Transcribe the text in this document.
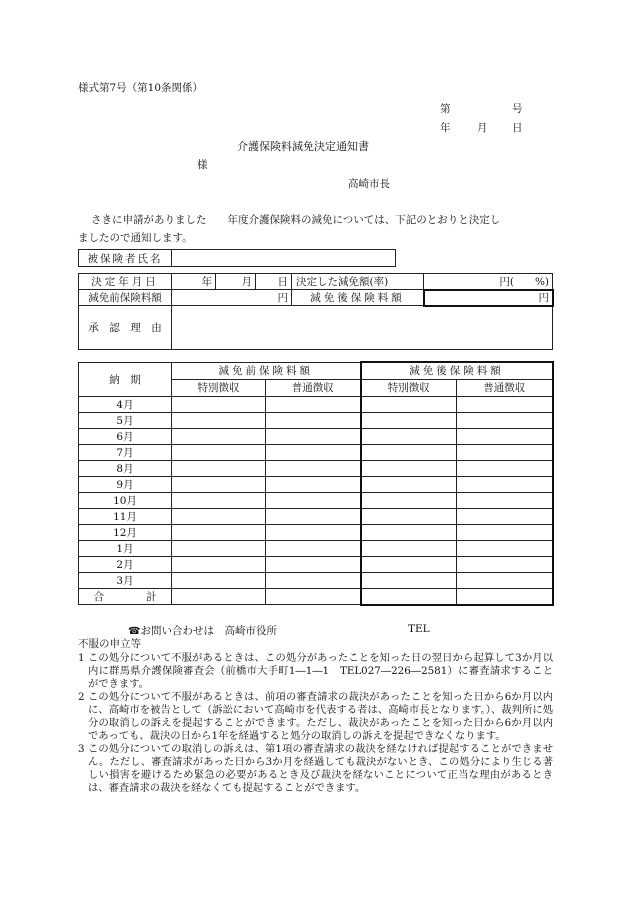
様式第7号（第10条関係）
第	号
年	月 日
介護保険料減免決定通知書
様
高崎市長
さきに申請がありました　　年度介護保険料の減免については、下記のとおりと決定し
ましたので通知します。
被保険者氏名	
決定年月日	年	月	日	決定した減免額(率)	円(　　%)
減免前保険料額	円			減免後保険料額	円
承　認　理　由					
納　期	減免前保険料額		減免後保険料額	
	特別徴収	普通徴収	特別徴収	普通徴収
4月				
5月				
6月				
7月				
8月				
9月				
10月				
11月				
12月				
1月				
2月				
3月				
合　　　　計				
☎お問い合わせは　高崎市役所	TEL
不服の申立等
1 この処分について不服があるときは、この処分があったことを知った日の翌日から起算して3か月以内に群馬県介護保険審査会（前橋市大手町1―1―1　TEL027―226―2581）に審査請求することができます。
2 この処分について不服があるときは、前項の審査請求の裁決があったことを知った日から6か月以内に、高崎市を被告として（訴訟において高崎市を代表する者は、高崎市長となります。）、裁判所に処分の取消しの訴えを提起することができます。ただし、裁決があったことを知った日から6か月以内であっても、裁決の日から1年を経過すると処分の取消しの訴えを提起できなくなります。
3 この処分についての取消しの訴えは、第1項の審査請求の裁決を経なければ提起することができません。ただし、審査請求があった日から3か月を経過しても裁決がないとき、この処分により生じる著しい損害を避けるため緊急の必要があるとき及び裁決を経ないことについて正当な理由があるときは、審査請求の裁決を経なくても提起することができます。
